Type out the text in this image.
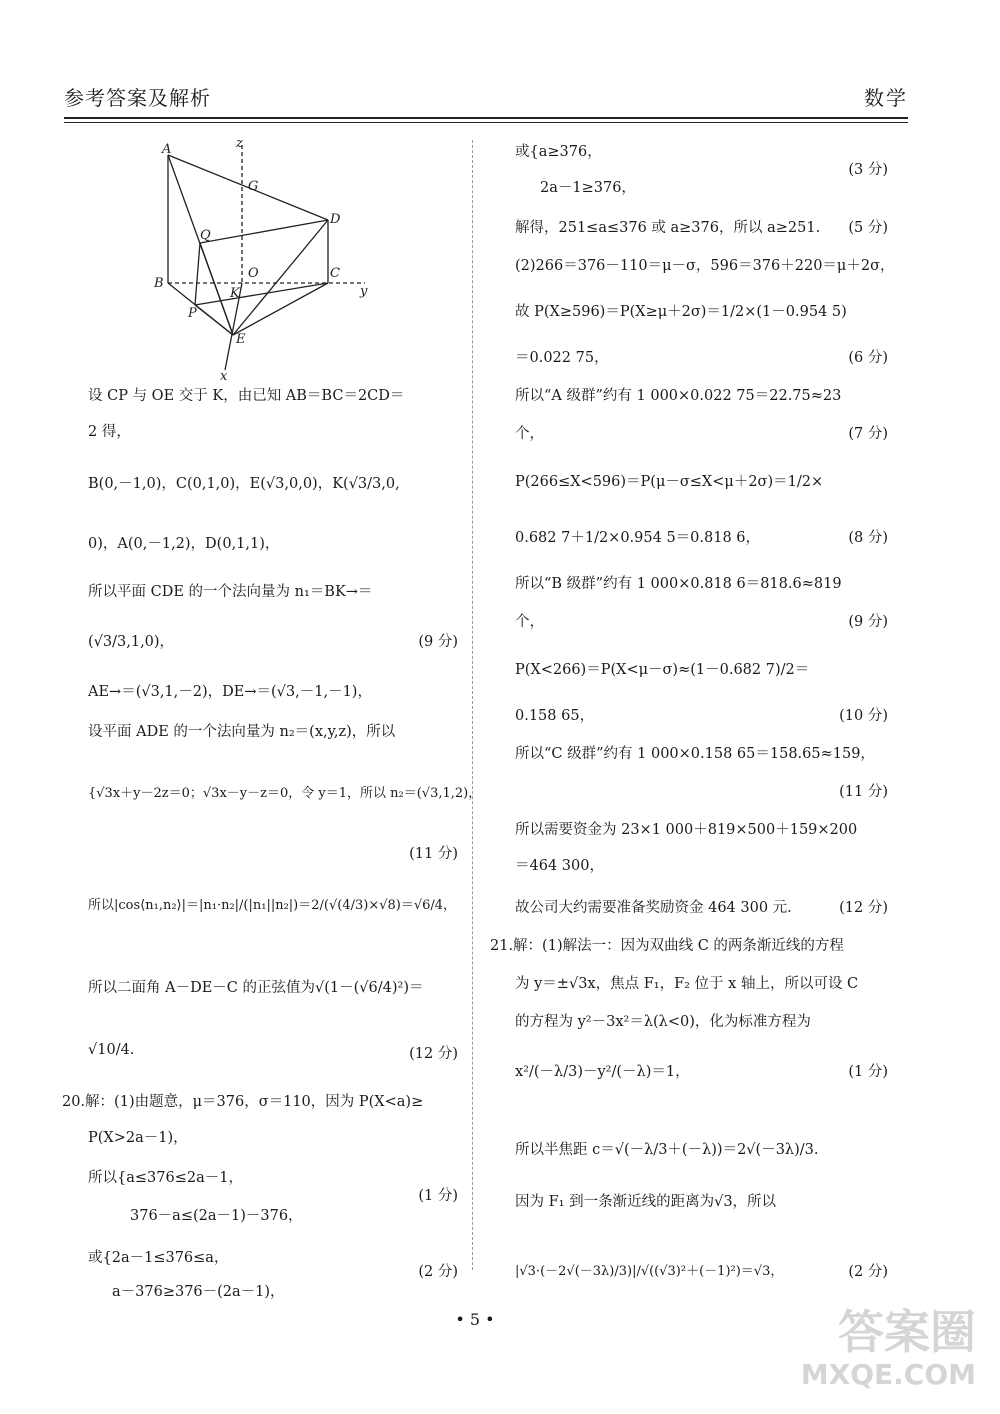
参考答案及解析	数学
A	z
G
D
Q
O
B
K
C
y
P
E
x
设 CP 与 OE 交于 K，由已知 AB＝BC＝2CD＝
2 得，
B(0,－1,0)，C(0,1,0)，E(√3,0,0)，K(√3/3,0,
0)，A(0,－1,2)，D(0,1,1)，
所以平面 CDE 的一个法向量为 n₁＝BK→＝
(√3/3,1,0)，	(9 分)
AE→＝(√3,1,－2)，DE→＝(√3,－1,－1)，
设平面 ADE 的一个法向量为 n₂＝(x,y,z)，所以
{√3x＋y－2z＝0；√3x－y－z＝0，令 y＝1，所以 n₂＝(√3,1,2)，
(11 分)
所以|cos⟨n₁,n₂⟩|＝|n₁·n₂|/(|n₁||n₂|)＝2/(√(4/3)×√8)＝√6/4，
所以二面角 A－DE－C 的正弦值为√(1－(√6/4)²)＝
√10/4.	(12 分)
20.解：(1)由题意，μ＝376，σ＝110，因为 P(X<a)≥
P(X>2a－1)，
所以{a≤376≤2a－1，
(1 分)
376－a≤(2a－1)－376，
或{2a－1≤376≤a，
(2 分)
a－376≥376－(2a－1)，
或{a≥376，
(3 分)
2a－1≥376，
解得，251≤a≤376 或 a≥376，所以 a≥251. (5 分)
(2)266＝376－110＝μ－σ，596＝376＋220＝μ＋2σ，
故 P(X≥596)＝P(X≥μ＋2σ)＝1/2×(1－0.954 5)
＝0.022 75，	(6 分)
所以“A 级群”约有 1 000×0.022 75＝22.75≈23
个，	(7 分)
P(266≤X<596)＝P(μ－σ≤X<μ＋2σ)＝1/2×
0.682 7＋1/2×0.954 5＝0.818 6，	(8 分)
所以“B 级群”约有 1 000×0.818 6＝818.6≈819
个，	(9 分)
P(X<266)＝P(X<μ－σ)≈(1－0.682 7)/2＝
0.158 65，	(10 分)
所以“C 级群”约有 1 000×0.158 65＝158.65≈159，
(11 分)
所以需要资金为 23×1 000＋819×500＋159×200
＝464 300，
故公司大约需要准备奖励资金 464 300 元.	(12 分)
21.解：(1)解法一：因为双曲线 C 的两条渐近线的方程
为 y＝±√3x，焦点 F₁，F₂ 位于 x 轴上，所以可设 C
的方程为 y²－3x²＝λ(λ<0)，化为标准方程为
x²/(－λ/3)－y²/(－λ)＝1，	(1 分)
所以半焦距 c＝√(－λ/3＋(－λ))＝2√(－3λ)/3.
因为 F₁ 到一条渐近线的距离为√3，所以
|√3·(－2√(－3λ)/3)|/√((√3)²＋(－1)²)＝√3，	(2 分)
• 5 •	答案圈
MXQE.COM
